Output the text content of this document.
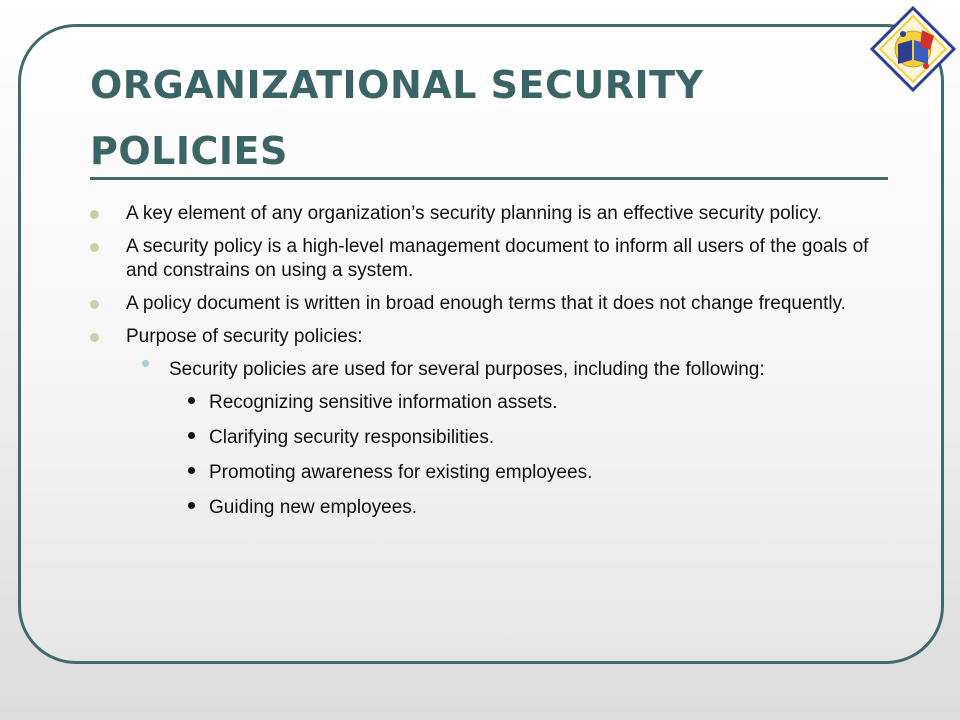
ORGANIZATIONAL SECURITY POLICIES
A key element of any organization’s security planning is an effective security policy.
A security policy is a high-level management document to inform all users of the goals of and constrains on using a system.
A policy document is written in broad enough terms that it does not change frequently.
Purpose of security policies:
Security policies are used for several purposes, including the following:
Recognizing sensitive information assets.
Clarifying security responsibilities.
Promoting awareness for existing employees.
Guiding new employees.
